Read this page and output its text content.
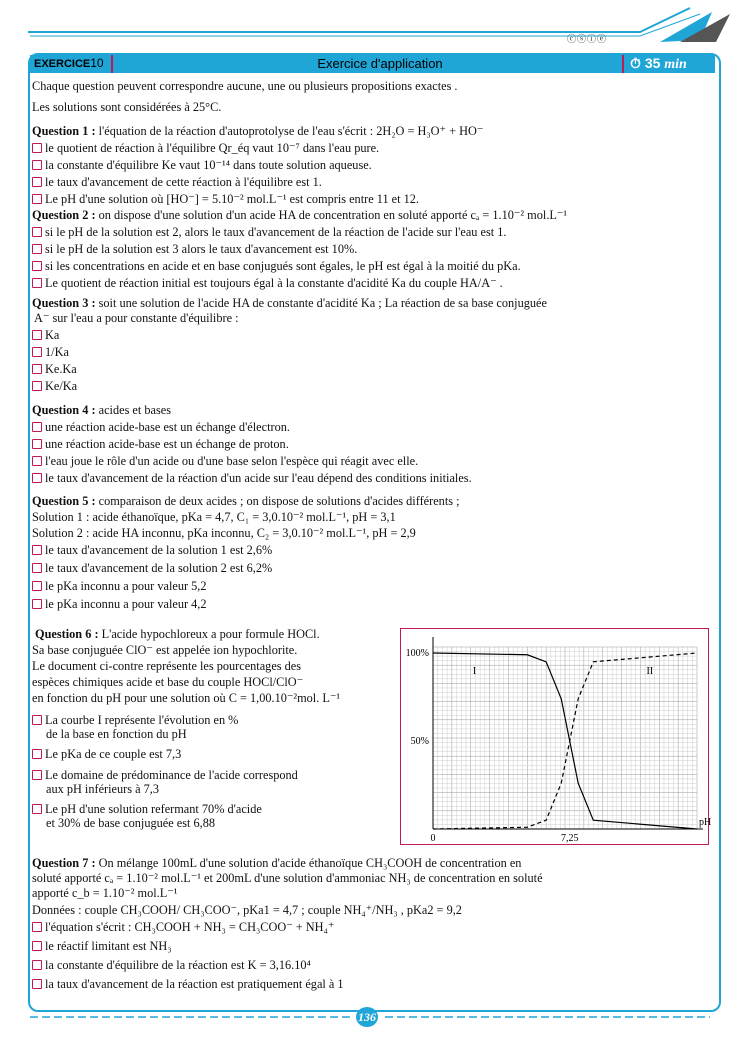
ⓒⓢⓘⓔ
EXERCICE10	Exercice d'application	⏱ 35 min
Chaque question peuvent correspondre aucune, une ou plusieurs propositions exactes .
Les solutions sont considérées à 25°C.
Question 1 : l'équation de la réaction d'autoprotolyse de l'eau s'écrit : 2H₂O = H₃O⁺ + HO⁻
le quotient de réaction à l'équilibre Qr_éq vaut 10⁻⁷ dans l'eau pure.
la constante d'équilibre Ke vaut 10⁻¹⁴ dans toute solution aqueuse.
le taux d'avancement de cette réaction à l'équilibre est 1.
Le pH d'une solution où [HO⁻] = 5.10⁻² mol.L⁻¹ est compris entre 11 et 12.
Question 2 : on dispose d'une solution d'un acide HA de concentration en soluté apporté cₐ = 1.10⁻² mol.L⁻¹
si le pH de la solution est 2, alors le taux d'avancement de la réaction de l'acide sur l'eau est 1.
si le pH de la solution est 3 alors le taux d'avancement est 10%.
si les concentrations en acide et en base conjugués sont égales, le pH est égal à la moitié du pKa.
Le quotient de réaction initial est toujours égal à la constante d'acidité Ka du couple HA/A⁻ .
Question 3 : soit une solution de l'acide HA de constante d'acidité Ka ; La réaction de sa base conjuguée
A⁻ sur l'eau a pour constante d'équilibre :
Ka
1/Ka
Ke.Ka
Ke/Ka
Question 4 : acides et bases
une réaction acide-base est un échange d'électron.
une réaction acide-base est un échange de proton.
l'eau joue le rôle d'un acide ou d'une base selon l'espèce qui réagit avec elle.
le taux d'avancement de la réaction d'un acide sur l'eau dépend des conditions initiales.
Question 5 : comparaison de deux acides ; on dispose de solutions d'acides différents ;
Solution 1 : acide éthanoïque, pKa = 4,7, C₁ = 3,0.10⁻² mol.L⁻¹, pH = 3,1
Solution 2 : acide HA inconnu, pKa inconnu, C₂ = 3,0.10⁻² mol.L⁻¹, pH = 2,9
le taux d'avancement de la solution 1 est 2,6%
le taux d'avancement de la solution 2 est 6,2%
le pKa inconnu a pour valeur 5,2
le pKa inconnu a pour valeur 4,2
Question 6 : L'acide hypochloreux a pour formule HOCl.
Sa base conjuguée ClO⁻ est appelée ion hypochlorite.
Le document ci-contre représente les pourcentages des
espèces chimiques acide et base du couple HOCl/ClO⁻
en fonction du pH pour une solution où C = 1,00.10⁻²mol. L⁻¹
La courbe I représente l'évolution en %
de la base en fonction du pH
Le pKa de ce couple est 7,3
Le domaine de prédominance de l'acide correspond
aux pH inférieurs à 7,3
Le pH d'une solution refermant 70% d'acide
et 30% de base conjuguée est 6,88
100%
50%
0	7,25
pH
I	II
Question 7 : On mélange 100mL d'une solution d'acide éthanoïque CH₃COOH de concentration en
soluté apporté cₐ = 1.10⁻² mol.L⁻¹ et 200mL d'une solution d'ammoniac NH₃ de concentration en soluté
apporté c_b = 1.10⁻² mol.L⁻¹
Données : couple CH₃COOH/ CH₃COO⁻, pKa1 = 4,7 ; couple NH₄⁺/NH₃ , pKa2 = 9,2
l'équation s'écrit : CH₃COOH + NH₃ = CH₃COO⁻ + NH₄⁺
le réactif limitant est NH₃
la constante d'équilibre de la réaction est K = 3,16.10⁴
la taux d'avancement de la réaction est pratiquement égal à 1
136
